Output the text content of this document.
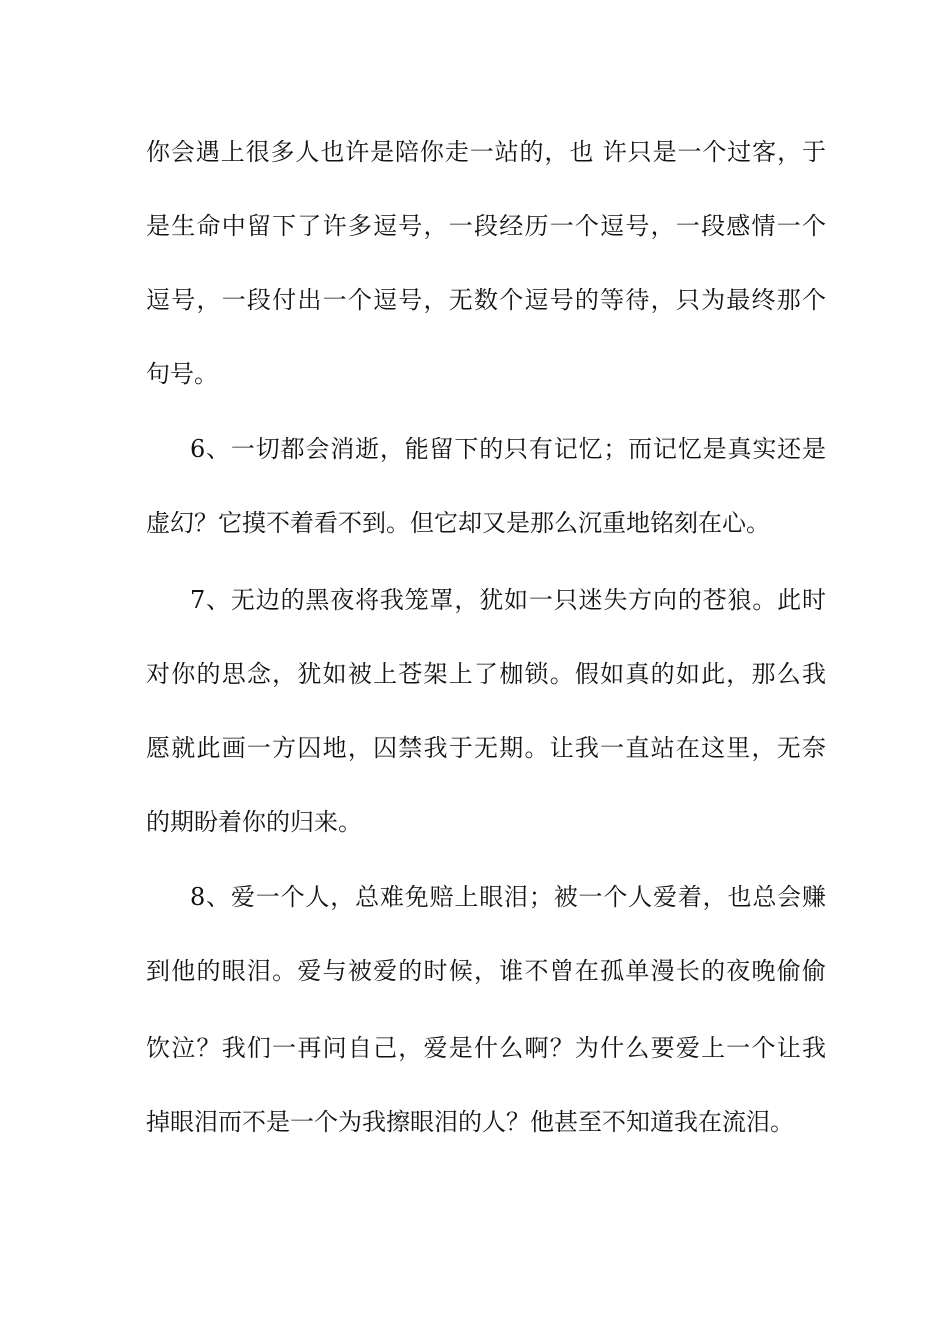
你会遇上很多人也许是陪你走一站的，也 许只是一个过客，于
是生命中留下了许多逗号，一段经历一个逗号，一段感情一个
逗号，一段付出一个逗号，无数个逗号的等待，只为最终那个
句号。
6、一切都会消逝，能留下的只有记忆；而记忆是真实还是
虚幻？它摸不着看不到。但它却又是那么沉重地铭刻在心。
7、无边的黑夜将我笼罩，犹如一只迷失方向的苍狼。此时
对你的思念，犹如被上苍架上了枷锁。假如真的如此，那么我
愿就此画一方囚地，囚禁我于无期。让我一直站在这里，无奈
的期盼着你的归来。
8、爱一个人，总难免赔上眼泪；被一个人爱着，也总会赚
到他的眼泪。爱与被爱的时候，谁不曾在孤单漫长的夜晚偷偷
饮泣？我们一再问自己，爱是什么啊？为什么要爱上一个让我
掉眼泪而不是一个为我擦眼泪的人？他甚至不知道我在流泪。
